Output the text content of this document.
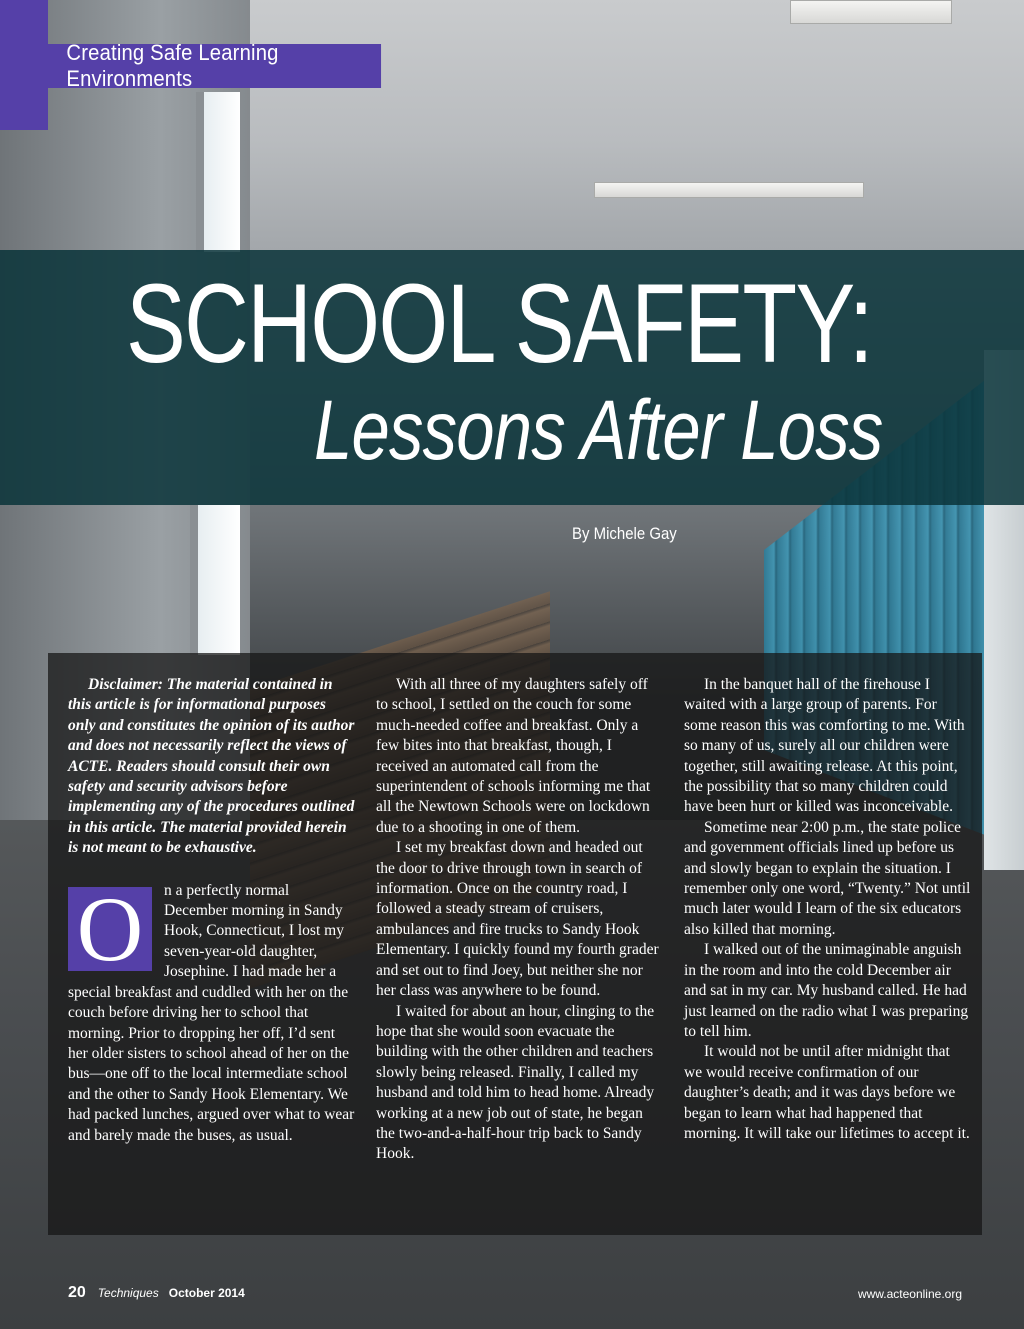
Creating Safe Learning Environments
SCHOOL SAFETY:
Lessons After Loss
By Michele Gay

Disclaimer: The material contained in this article is for informational purposes only and constitutes the opinion of its author and does not necessarily reflect the views of ACTE. Readers should consult their own safety and security advisors before implementing any of the procedures outlined in this article. The material provided herein is not meant to be exhaustive.

O	n a perfectly normal December morning in Sandy Hook, Connecticut, I lost my seven-year-old daughter, Josephine. I had made her a special breakfast and cuddled with her on the couch before driving her to school that morning. Prior to dropping her off, I’d sent her older sisters to school ahead of her on the bus—one off to the local intermediate school and the other to Sandy Hook Elementary. We had packed lunches, argued over what to wear and barely made the buses, as usual.

With all three of my daughters safely off to school, I settled on the couch for some much-needed coffee and breakfast. Only a few bites into that breakfast, though, I received an automated call from the superintendent of schools informing me that all the Newtown Schools were on lockdown due to a shooting in one of them.

I set my breakfast down and headed out the door to drive through town in search of information. Once on the country road, I followed a steady stream of cruisers, ambulances and fire trucks to Sandy Hook Elementary. I quickly found my fourth grader and set out to find Joey, but neither she nor her class was anywhere to be found.

I waited for about an hour, clinging to the hope that she would soon evacuate the building with the other children and teachers slowly being released. Finally, I called my husband and told him to head home. Already working at a new job out of state, he began the two-and-a-half-hour trip back to Sandy Hook.

In the banquet hall of the firehouse I waited with a large group of parents. For some reason this was comforting to me. With so many of us, surely all our children were together, still awaiting release. At this point, the possibility that so many children could have been hurt or killed was inconceivable.

Sometime near 2:00 p.m., the state police and government officials lined up before us and slowly began to explain the situation. I remember only one word, “Twenty.” Not until much later would I learn of the six educators also killed that morning.

I walked out of the unimaginable anguish in the room and into the cold December air and sat in my car. My husband called. He had just learned on the radio what I was preparing to tell him.

It would not be until after midnight that we would receive confirmation of our daughter’s death; and it was days before we began to learn what had happened that morning. It will take our lifetimes to accept it.

20 Techniques October 2014	www.acteonline.org
